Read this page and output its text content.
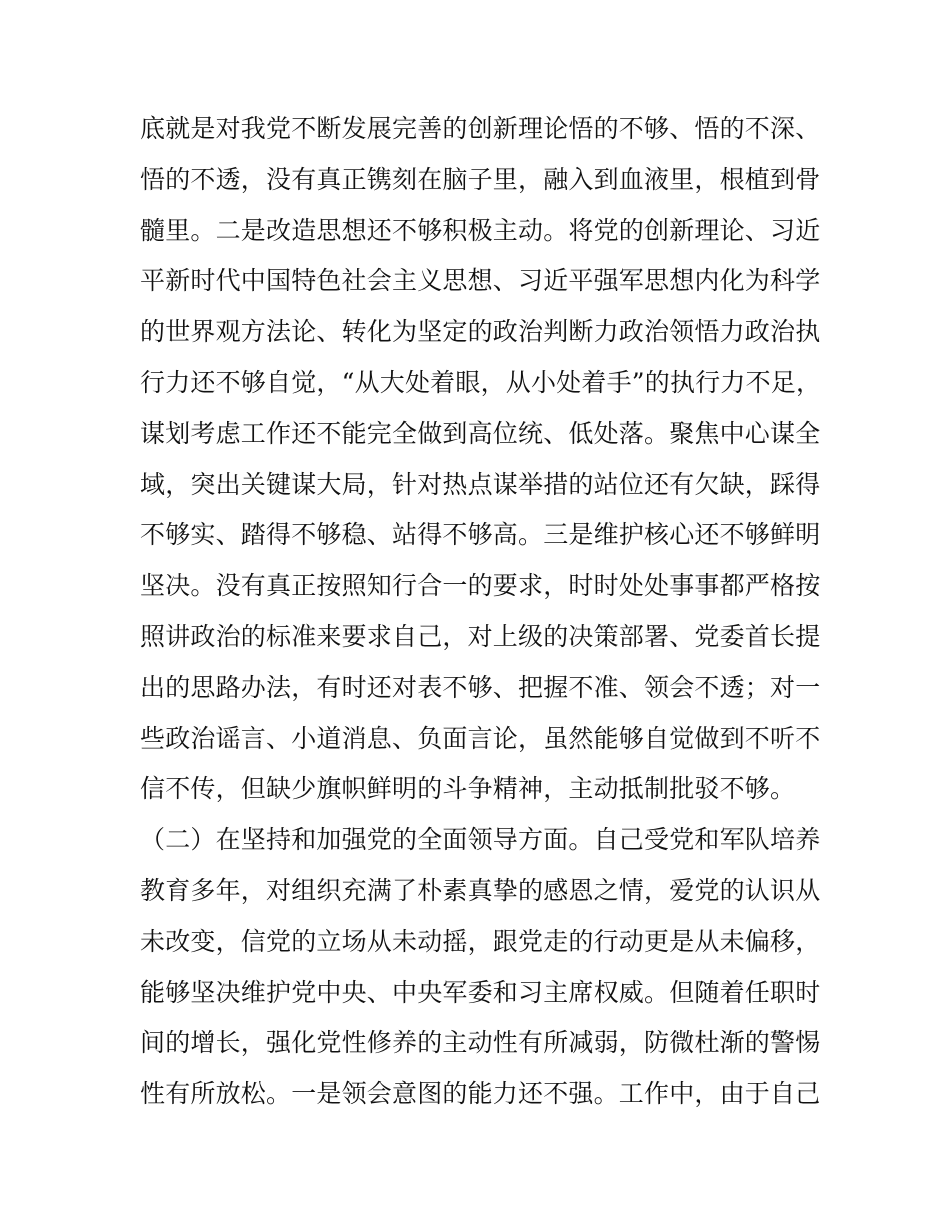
底就是对我党不断发展完善的创新理论悟的不够、悟的不深、
悟的不透，没有真正镌刻在脑子里，融入到血液里，根植到骨
髓里。二是改造思想还不够积极主动。将党的创新理论、习近
平新时代中国特色社会主义思想、习近平强军思想内化为科学
的世界观方法论、转化为坚定的政治判断力政治领悟力政治执
行力还不够自觉，“从大处着眼，从小处着手”的执行力不足，
谋划考虑工作还不能完全做到高位统、低处落。聚焦中心谋全
域，突出关键谋大局，针对热点谋举措的站位还有欠缺，踩得
不够实、踏得不够稳、站得不够高。三是维护核心还不够鲜明
坚决。没有真正按照知行合一的要求，时时处处事事都严格按
照讲政治的标准来要求自己，对上级的决策部署、党委首长提
出的思路办法，有时还对表不够、把握不准、领会不透；对一
些政治谣言、小道消息、负面言论，虽然能够自觉做到不听不
信不传，但缺少旗帜鲜明的斗争精神，主动抵制批驳不够。
（二）在坚持和加强党的全面领导方面。自己受党和军队培养
教育多年，对组织充满了朴素真挚的感恩之情，爱党的认识从
未改变，信党的立场从未动摇，跟党走的行动更是从未偏移，
能够坚决维护党中央、中央军委和习主席权威。但随着任职时
间的增长，强化党性修养的主动性有所减弱，防微杜渐的警惕
性有所放松。一是领会意图的能力还不强。工作中，由于自己
